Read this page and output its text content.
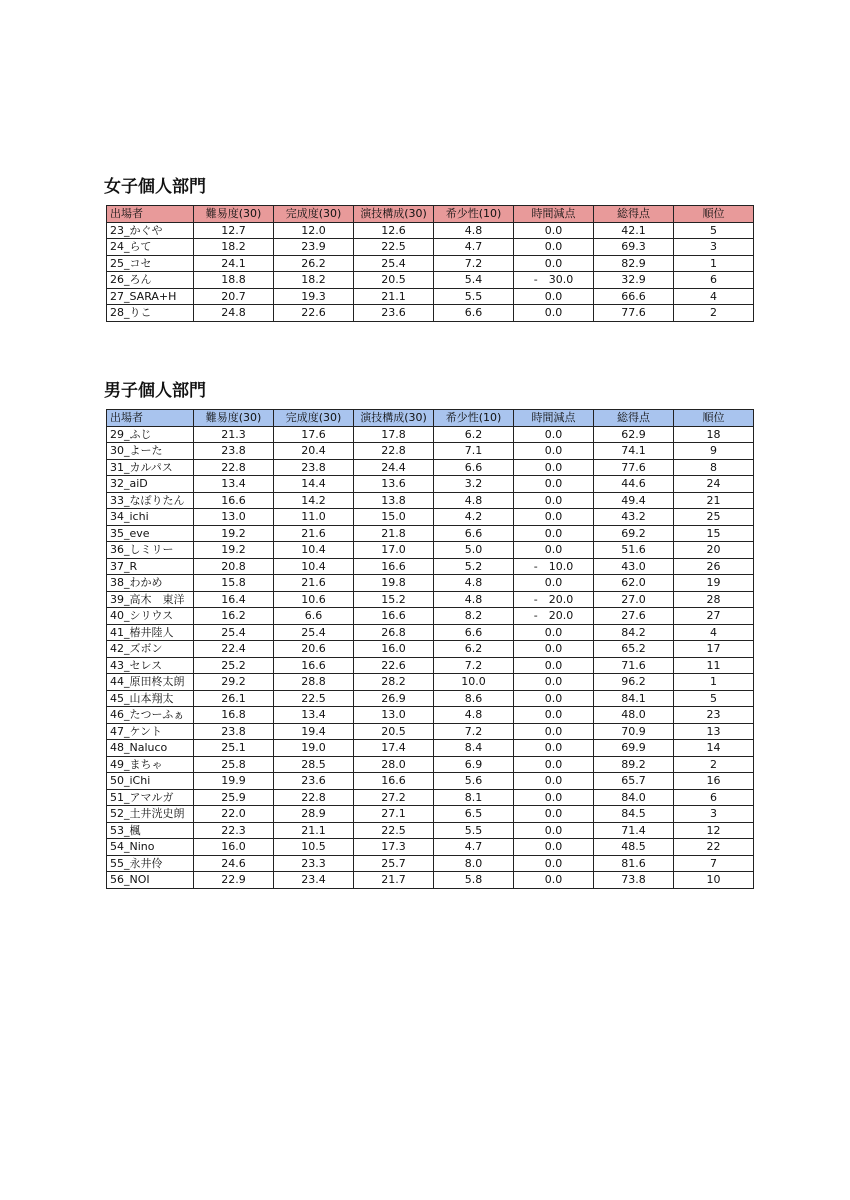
女子個人部門
出場者	難易度(30)	完成度(30)	演技構成(30)	希少性(10)	時間減点	総得点	順位
23_かぐや	12.7	12.0	12.6	4.8	0.0	42.1	5
24_らて	18.2	23.9	22.5	4.7	0.0	69.3	3
25_コセ	24.1	26.2	25.4	7.2	0.0	82.9	1
26_ろん	18.8	18.2	20.5	5.4	-　30.0	32.9	6
27_SARA+H	20.7	19.3	21.1	5.5	0.0	66.6	4
28_りこ	24.8	22.6	23.6	6.6	0.0	77.6	2
男子個人部門
出場者	難易度(30)	完成度(30)	演技構成(30)	希少性(10)	時間減点	総得点	順位
29_ふじ	21.3	17.6	17.8	6.2	0.0	62.9	18
30_よーた	23.8	20.4	22.8	7.1	0.0	74.1	9
31_カルパス	22.8	23.8	24.4	6.6	0.0	77.6	8
32_aiD	13.4	14.4	13.6	3.2	0.0	44.6	24
33_なぽりたん	16.6	14.2	13.8	4.8	0.0	49.4	21
34_ichi	13.0	11.0	15.0	4.2	0.0	43.2	25
35_eve	19.2	21.6	21.8	6.6	0.0	69.2	15
36_しミリー	19.2	10.4	17.0	5.0	0.0	51.6	20
37_R	20.8	10.4	16.6	5.2	-　10.0	43.0	26
38_わかめ	15.8	21.6	19.8	4.8	0.0	62.0	19
39_高木　東洋	16.4	10.6	15.2	4.8	-　20.0	27.0	28
40_シリウス	16.2	6.6	16.6	8.2	-　20.0	27.6	27
41_椿井陸人	25.4	25.4	26.8	6.6	0.0	84.2	4
42_ズボン	22.4	20.6	16.0	6.2	0.0	65.2	17
43_セレス	25.2	16.6	22.6	7.2	0.0	71.6	11
44_原田柊太朗	29.2	28.8	28.2	10.0	0.0	96.2	1
45_山本翔太	26.1	22.5	26.9	8.6	0.0	84.1	5
46_たつーふぁ	16.8	13.4	13.0	4.8	0.0	48.0	23
47_ケント	23.8	19.4	20.5	7.2	0.0	70.9	13
48_Naluco	25.1	19.0	17.4	8.4	0.0	69.9	14
49_まちゃ	25.8	28.5	28.0	6.9	0.0	89.2	2
50_iChi	19.9	23.6	16.6	5.6	0.0	65.7	16
51_アマルガ	25.9	22.8	27.2	8.1	0.0	84.0	6
52_土井洸史朗	22.0	28.9	27.1	6.5	0.0	84.5	3
53_楓	22.3	21.1	22.5	5.5	0.0	71.4	12
54_Nino	16.0	10.5	17.3	4.7	0.0	48.5	22
55_永井伶	24.6	23.3	25.7	8.0	0.0	81.6	7
56_NOI	22.9	23.4	21.7	5.8	0.0	73.8	10
